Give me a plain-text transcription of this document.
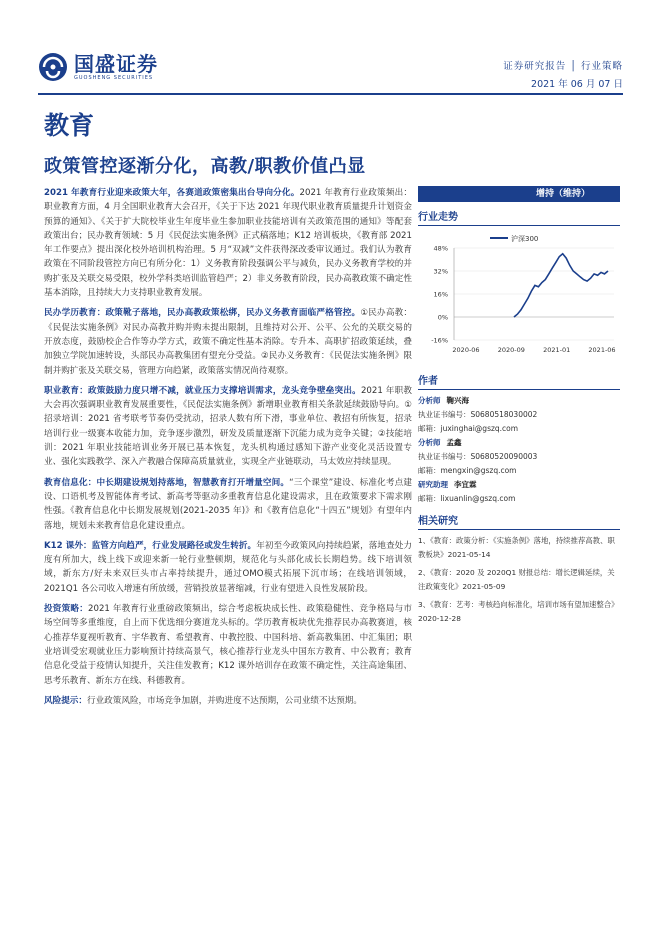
国盛证券
GUOSHENG SECURITIES
证券研究报告 │ 行业策略
2021 年 06 月 07 日
教育
政策管控逐渐分化，高教/职教价值凸显

2021 年教育行业迎来政策大年，各赛道政策密集出台导向分化。2021 年教育行业政策频出：职业教育方面，4 月全国职业教育大会召开，《关于下达 2021 年现代职业教育质量提升计划资金预算的通知》、《关于扩大院校毕业生年度毕业生参加职业技能培训有关政策范围的通知》等配套政策出台；民办教育领域：5 月《民促法实施条例》正式稿落地；K12 培训板块，《教育部 2021 年工作要点》提出深化校外培训机构治理。5 月“双减”文件获得深改委审议通过。我们认为教育政策在不同阶段管控方向已有所分化：1）义务教育阶段强调公平与减负，民办义务教育学校的并购扩张及关联交易受限，校外学科类培训监管趋严；2）非义务教育阶段，民办高教政策不确定性基本消除，且持续大力支持职业教育发展。

民办学历教育：政策靴子落地，民办高教政策松绑，民办义务教育面临严格管控。①民办高教：《民促法实施条例》对民办高教并购并购未提出限制，且维持对公开、公平、公允的关联交易的开放态度，鼓励校企合作等办学方式，政策不确定性基本消除。专升本、高职扩招政策延续，叠加独立学院加速转设，头部民办高教集团有望充分受益。②民办义务教育：《民促法实施条例》限制并购扩张及关联交易，管理方向趋紧，政策落实情况尚待观察。

职业教育：政策鼓励力度只增不减，就业压力支撑培训需求，龙头竞争壁垒突出。2021 年职教大会再次强调职业教育发展重要性，《民促法实施条例》新增职业教育相关条款延续鼓励导向。①招录培训：2021 省考联考节奏仍受扰动，招录人数有所下滑，事业单位、教招有所恢复，招录培训行业一级赛本收能力加，竞争逐步激烈，研发及质量逐渐下沉能力成为竞争关键；②技能培训：2021 年职业技能培训业务开展已基本恢复，龙头机构通过感知下游产业变化灵活设置专业、强化实践教学、深入产教融合保障高质量就业，实现全产业链联动，马太效应持续显现。

教育信息化：中长期建设规划持落地，智慧教育打开增量空间。“三个课堂”建设、标准化考点建设、口语机考及智能体育考试、新高考等驱动多重教育信息化建设需求，且在政策要求下需求刚性强。《教育信息化中长期发展规划(2021-2035 年)》和《教育信息化“十四五”规划》有望年内落地，规划未来教育信息化建设重点。

K12 课外：监管方向趋严，行业发展路径或发生转折。年初至今政策风向持续趋紧，落地查处力度有所加大，线上线下或迎来新一轮行业整顿期，规范化与头部化成长长期趋势。线下培训领域，新东方/好未来双巨头市占率持续提升，通过OMO模式拓展下沉市场；在线培训领域，2021Q1 各公司收入增速有所放缓，营销投放显著缩减，行业有望进入良性发展阶段。

投资策略：2021 年教育行业重磅政策频出，综合考虑板块成长性、政策稳健性、竞争格局与市场空间等多重维度，自上而下优选细分赛道龙头标的。学历教育板块优先推荐民办高教赛道，核心推荐华夏视听教育、宇华教育、希望教育、中教控股、中国科培、新高教集团、中汇集团；职业培训受宏观就业压力影响预计持续高景气，核心推荐行业龙头中国东方教育、中公教育；教育信息化受益于疫情认知提升，关注佳发教育；K12 课外培训存在政策不确定性，关注高途集团、思考乐教育、新东方在线、科德教育。

风险提示：行业政策风险，市场竞争加剧，并购进度不达预期，公司业绩不达预期。

增持（维持）
行业走势
48%
32%
16%
0%
-16%
2020-06	2020-09	2021-01	2021-06
沪深300
作者
分析师 鞠兴海
执业证书编号：S0680518030002
邮箱：juxinghai@gszq.com
分析师 孟鑫
执业证书编号：S0680520090003
邮箱：mengxin@gszq.com
研究助理 李宜霖
邮箱：lixuanlin@gszq.com
相关研究
1、《教育：政策分析：《实施条例》落地，持续推荐高教、职教板块》2021-05-14
2、《教育：2020 及 2020Q1 财报总结：增长逻辑延续，关注政策变化》2021-05-09
3、《教育：艺考：考核趋向标准化，培训市场有望加速整合》2020-12-28
